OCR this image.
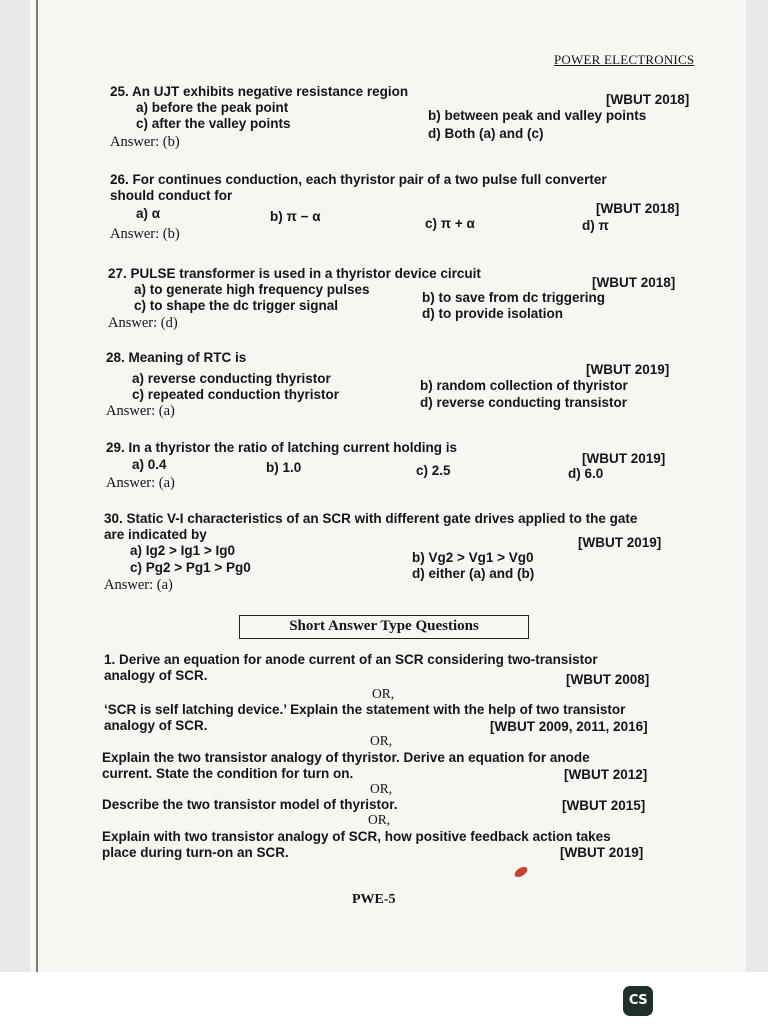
POWER ELECTRONICS
25. An UJT exhibits negative resistance region
[WBUT 2018]
a) before the peak point
b) between peak and valley points
c) after the valley points
d) Both (a) and (c)
Answer: (b)
26. For continues conduction, each thyristor pair of a two pulse full converter
should conduct for
[WBUT 2018]
a) α	b) π − α	c) π + α	d) π
Answer: (b)
27. PULSE transformer is used in a thyristor device circuit
[WBUT 2018]
a) to generate high frequency pulses
b) to save from dc triggering
c) to shape the dc trigger signal
d) to provide isolation
Answer: (d)
28. Meaning of RTC is
[WBUT 2019]
a) reverse conducting thyristor	b) random collection of thyristor
c) repeated conduction thyristor
d) reverse conducting transistor
Answer: (a)
29. In a thyristor the ratio of latching current holding is
[WBUT 2019]
a) 0.4	b) 1.0	c) 2.5	d) 6.0
Answer: (a)
30. Static V-I characteristics of an SCR with different gate drives applied to the gate
are indicated by
[WBUT 2019]
a) Ig2 > Ig1 > Ig0	b) Vg2 > Vg1 > Vg0
c) Pg2 > Pg1 > Pg0	d) either (a) and (b)
Answer: (a)
Short Answer Type Questions
1. Derive an equation for anode current of an SCR considering two-transistor
analogy of SCR.	[WBUT 2008]
OR,
‘SCR is self latching device.’ Explain the statement with the help of two transistor
analogy of SCR.	[WBUT 2009, 2011, 2016]
OR,
Explain the two transistor analogy of thyristor. Derive an equation for anode
current. State the condition for turn on.	[WBUT 2012]
OR,
Describe the two transistor model of thyristor.	[WBUT 2015]
OR,
Explain with two transistor analogy of SCR, how positive feedback action takes
place during turn-on an SCR.	[WBUT 2019]
PWE-5
CS
